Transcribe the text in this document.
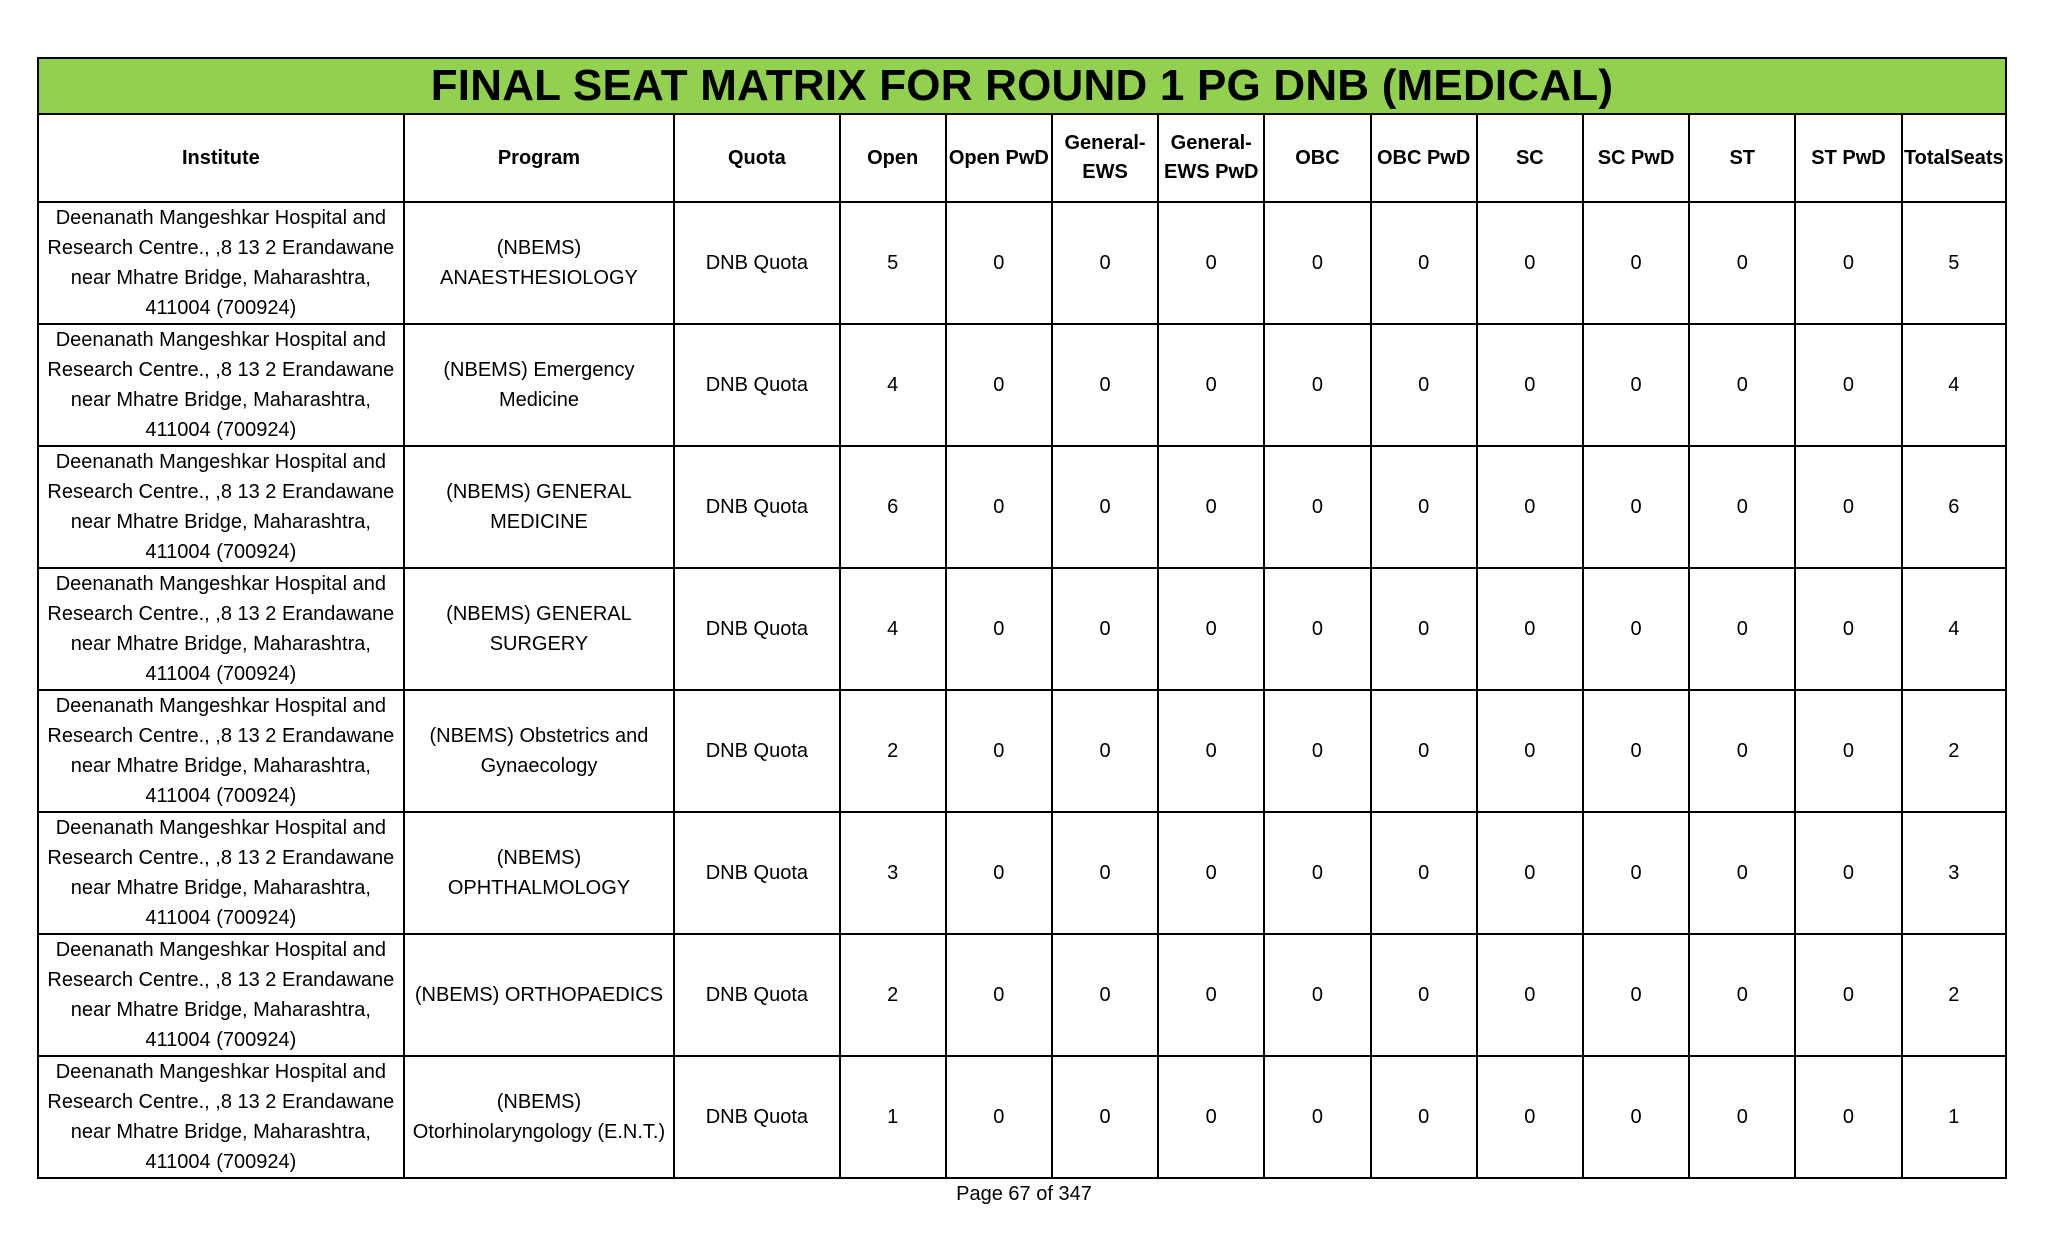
FINAL SEAT MATRIX FOR ROUND 1 PG DNB (MEDICAL)													
Institute	Program	Quota	Open	Open PwD	General-EWS	General-EWS PwD	OBC	OBC PwD	SC	SC PwD	ST	ST PwD	TotalSeats
Deenanath Mangeshkar Hospital and Research Centre., ,8 13 2 Erandawane near Mhatre Bridge, Maharashtra, 411004 (700924)	(NBEMS) ANAESTHESIOLOGY	DNB Quota	5	0	0	0	0	0	0	0	0	0	5
Deenanath Mangeshkar Hospital and Research Centre., ,8 13 2 Erandawane near Mhatre Bridge, Maharashtra, 411004 (700924)	(NBEMS) Emergency Medicine	DNB Quota	4	0	0	0	0	0	0	0	0	0	4
Deenanath Mangeshkar Hospital and Research Centre., ,8 13 2 Erandawane near Mhatre Bridge, Maharashtra, 411004 (700924)	(NBEMS) GENERAL MEDICINE	DNB Quota	6	0	0	0	0	0	0	0	0	0	6
Deenanath Mangeshkar Hospital and Research Centre., ,8 13 2 Erandawane near Mhatre Bridge, Maharashtra, 411004 (700924)	(NBEMS) GENERAL SURGERY	DNB Quota	4	0	0	0	0	0	0	0	0	0	4
Deenanath Mangeshkar Hospital and Research Centre., ,8 13 2 Erandawane near Mhatre Bridge, Maharashtra, 411004 (700924)	(NBEMS) Obstetrics and Gynaecology	DNB Quota	2	0	0	0	0	0	0	0	0	0	2
Deenanath Mangeshkar Hospital and Research Centre., ,8 13 2 Erandawane near Mhatre Bridge, Maharashtra, 411004 (700924)	(NBEMS) OPHTHALMOLOGY	DNB Quota	3	0	0	0	0	0	0	0	0	0	3
Deenanath Mangeshkar Hospital and Research Centre., ,8 13 2 Erandawane near Mhatre Bridge, Maharashtra, 411004 (700924)	(NBEMS) ORTHOPAEDICS	DNB Quota	2	0	0	0	0	0	0	0	0	0	2
Deenanath Mangeshkar Hospital and Research Centre., ,8 13 2 Erandawane near Mhatre Bridge, Maharashtra, 411004 (700924)	(NBEMS) Otorhinolaryngology (E.N.T.)	DNB Quota	1	0	0	0	0	0	0	0	0	0	1
Page 67 of 347
